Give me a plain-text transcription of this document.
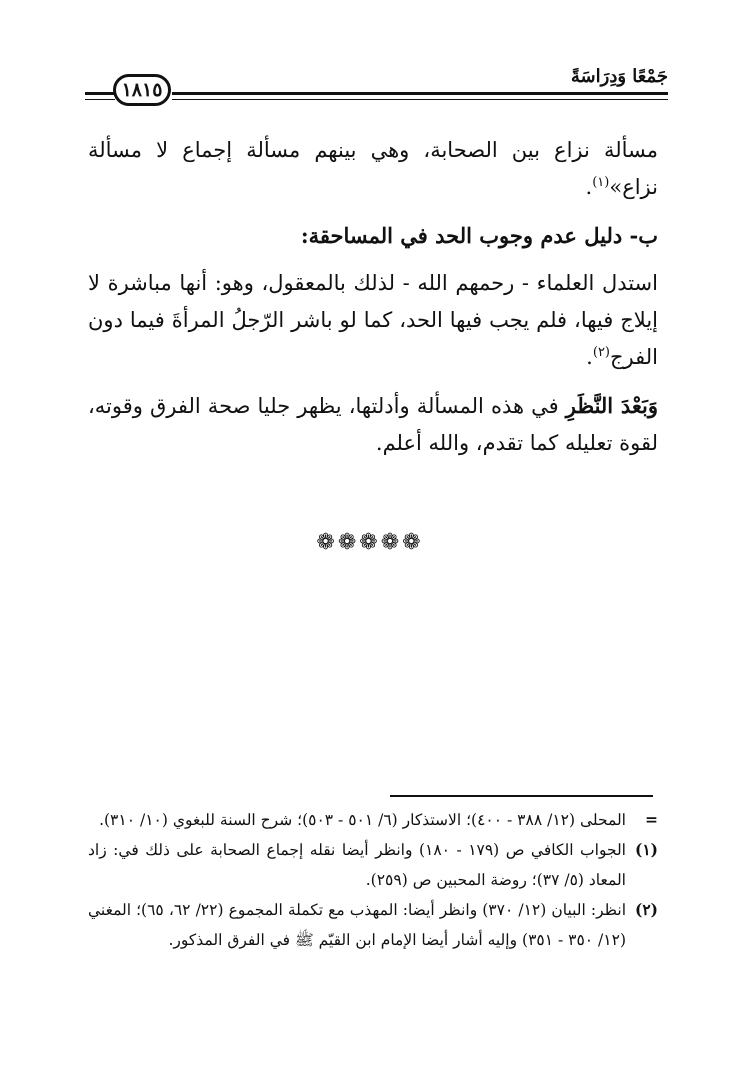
جَمْعًا وَدِرَاسَةً
١٨١٥

مسألة نزاع بين الصحابة، وهي بينهم مسألة إجماع لا مسألة نزاع»$^{(١)}$.

ب- دليل عدم وجوب الحد في المساحقة:

استدل العلماء - رحمهم الله - لذلك بالمعقول، وهو: أنها مباشرة لا إيلاج فيها، فلم يجب فيها الحد، كما لو باشر الرّجلُ المرأةَ فيما دون الفرج$^{(٢)}$.

وَبَعْدَ النَّظَرِ في هذه المسألة وأدلتها، يظهر جليا صحة الفرق وقوته، لقوة تعليله كما تقدم، والله أعلم.

❁❁❁❁❁
=
المحلى (١٢/ ٣٨٨ - ٤٠٠)؛ الاستذكار (٦/ ٥٠١ - ٥٠٣)؛ شرح السنة للبغوي (١٠/ ٣١٠).
(١)
الجواب الكافي ص (١٧٩ - ١٨٠) وانظر أيضا نقله إجماع الصحابة على ذلك في: زاد المعاد (٥/ ٣٧)؛ روضة المحبين ص (٢٥٩).
(٢)
انظر: البيان (١٢/ ٣٧٠) وانظر أيضا: المهذب مع تكملة المجموع (٢٢/ ٦٢، ٦٥)؛ المغني (١٢/ ٣٥٠ - ٣٥١) وإليه أشار أيضا الإمام ابن القيّم ﷺ في الفرق المذكور.
